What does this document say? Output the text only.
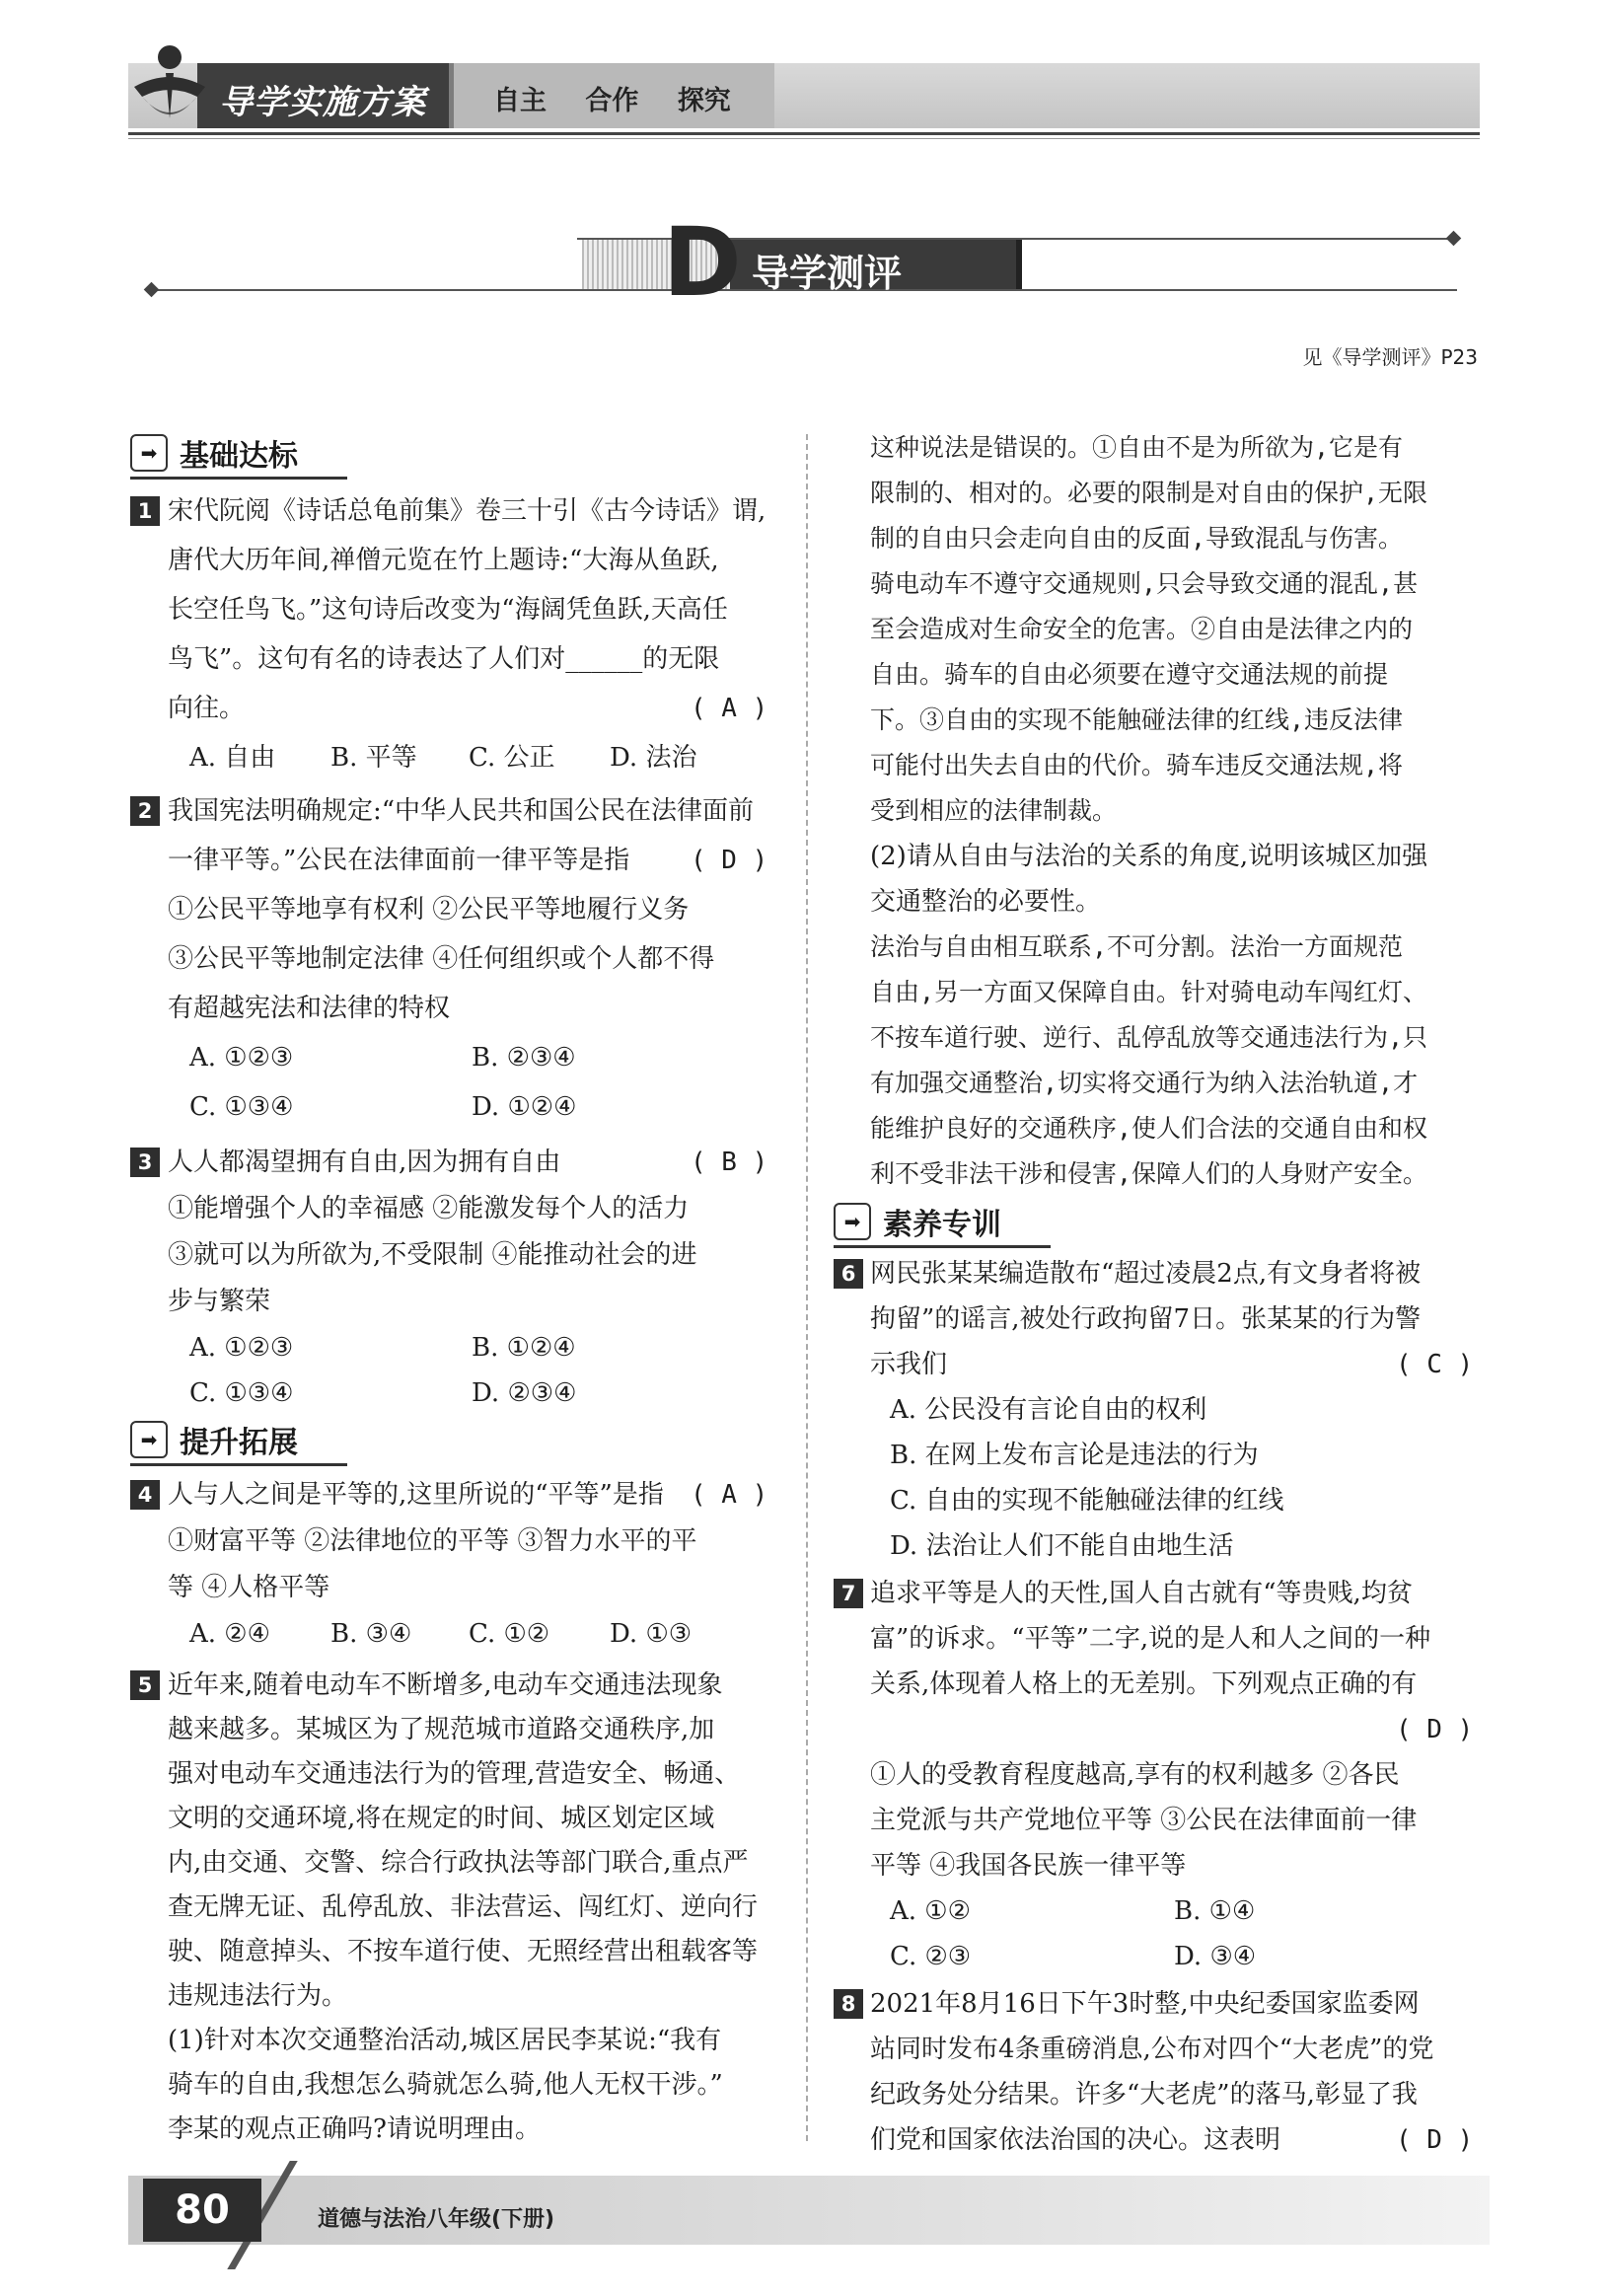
导学实施方案	自主 合作 探究
D 导学测评
见《导学测评》P23
➡ 基础达标
1 宋代阮阅《诗话总龟前集》卷三十引《古今诗话》谓,
唐代大历年间,禅僧元览在竹上题诗:“大海从鱼跃,
长空任鸟飞。”这句诗后改变为“海阔凭鱼跃,天高任
鸟飞”。这句有名的诗表达了人们对______的无限
向往。	( A )
A. 自由 B. 平等 C. 公正 D. 法治
2 我国宪法明确规定:“中华人民共和国公民在法律面前
一律平等。”公民在法律面前一律平等是指 ( D )
①公民平等地享有权利 ②公民平等地履行义务
③公民平等地制定法律 ④任何组织或个人都不得
有超越宪法和法律的特权
A. ①②③	B. ②③④
C. ①③④	D. ①②④
3 人人都渴望拥有自由,因为拥有自由	( B )
①能增强个人的幸福感 ②能激发每个人的活力
③就可以为所欲为,不受限制 ④能推动社会的进
步与繁荣
A. ①②③	B. ①②④
C. ①③④	D. ②③④
➡ 提升拓展
4 人与人之间是平等的,这里所说的“平等”是指 ( A )
①财富平等 ②法律地位的平等 ③智力水平的平
等 ④人格平等
A. ②④ B. ③④ C. ①② D. ①③
5 近年来,随着电动车不断增多,电动车交通违法现象
越来越多。某城区为了规范城市道路交通秩序,加
强对电动车交通违法行为的管理,营造安全、畅通、
文明的交通环境,将在规定的时间、城区划定区域
内,由交通、交警、综合行政执法等部门联合,重点严
查无牌无证、乱停乱放、非法营运、闯红灯、逆向行
驶、随意掉头、不按车道行使、无照经营出租载客等
违规违法行为。
(1)针对本次交通整治活动,城区居民李某说:“我有
骑车的自由,我想怎么骑就怎么骑,他人无权干涉。”
李某的观点正确吗?请说明理由。
这种说法是错误的。①自由不是为所欲为,它是有
限制的、相对的。必要的限制是对自由的保护,无限
制的自由只会走向自由的反面,导致混乱与伤害。
骑电动车不遵守交通规则,只会导致交通的混乱,甚
至会造成对生命安全的危害。②自由是法律之内的
自由。骑车的自由必须要在遵守交通法规的前提
下。③自由的实现不能触碰法律的红线,违反法律
可能付出失去自由的代价。骑车违反交通法规,将
受到相应的法律制裁。
(2)请从自由与法治的关系的角度,说明该城区加强
交通整治的必要性。
法治与自由相互联系,不可分割。法治一方面规范
自由,另一方面又保障自由。针对骑电动车闯红灯、
不按车道行驶、逆行、乱停乱放等交通违法行为,只
有加强交通整治,切实将交通行为纳入法治轨道,才
能维护良好的交通秩序,使人们合法的交通自由和权
利不受非法干涉和侵害,保障人们的人身财产安全。
➡ 素养专训
6 网民张某某编造散布“超过凌晨2点,有文身者将被
拘留”的谣言,被处行政拘留7日。张某某的行为警
示我们	( C )
A. 公民没有言论自由的权利
B. 在网上发布言论是违法的行为
C. 自由的实现不能触碰法律的红线
D. 法治让人们不能自由地生活
7 追求平等是人的天性,国人自古就有“等贵贱,均贫
富”的诉求。“平等”二字,说的是人和人之间的一种
关系,体现着人格上的无差别。下列观点正确的有
( D )
①人的受教育程度越高,享有的权利越多 ②各民
主党派与共产党地位平等 ③公民在法律面前一律
平等 ④我国各民族一律平等
A. ①②	B. ①④
C. ②③	D. ③④
8 2021年8月16日下午3时整,中央纪委国家监委网
站同时发布4条重磅消息,公布对四个“大老虎”的党
纪政务处分结果。许多“大老虎”的落马,彰显了我
们党和国家依法治国的决心。这表明	( D )
80	道德与法治八年级(下册)
